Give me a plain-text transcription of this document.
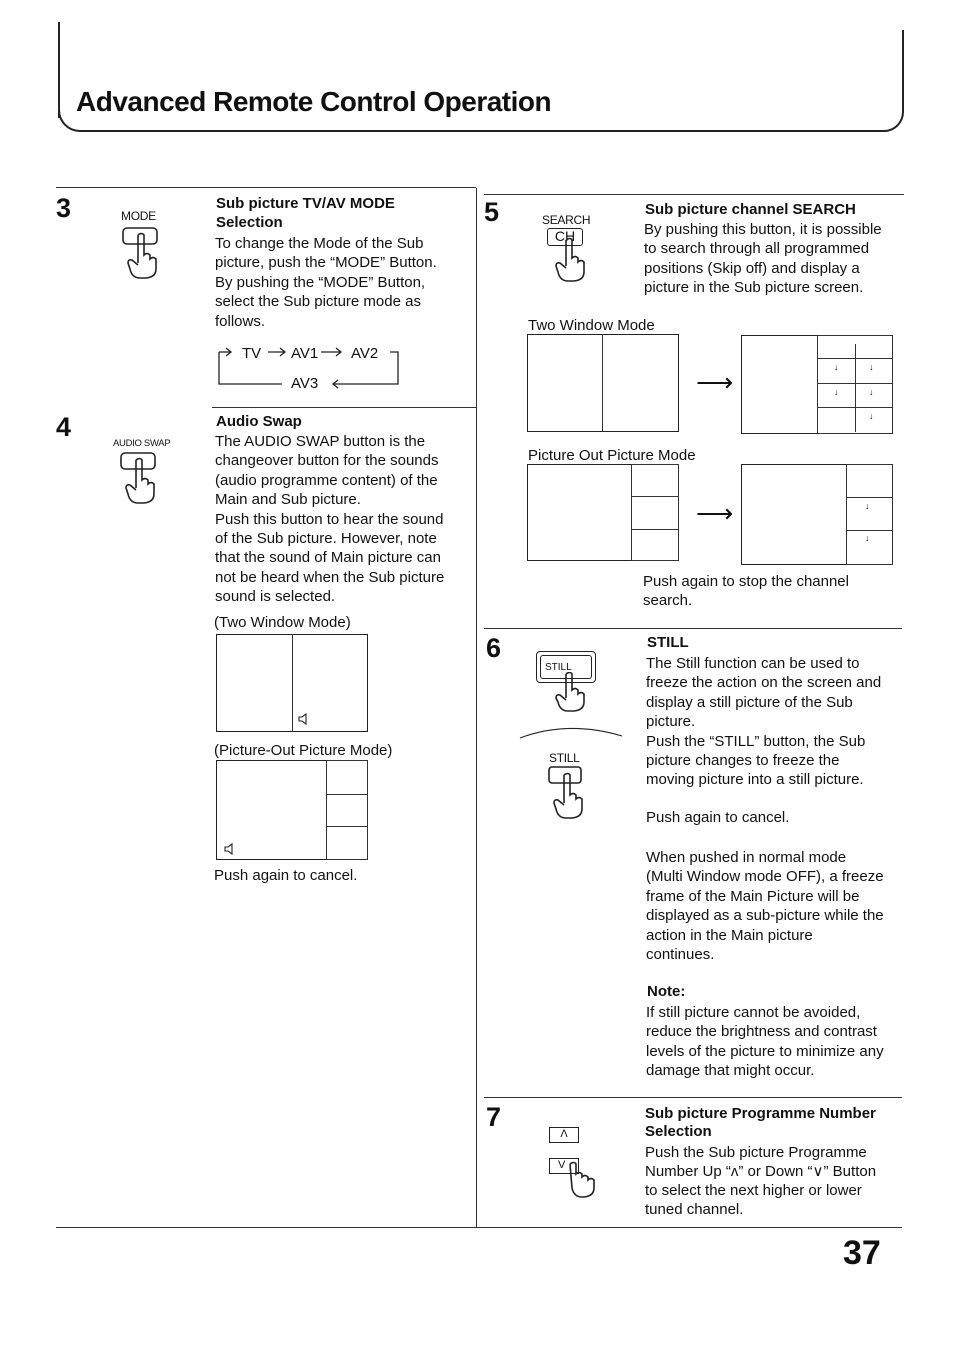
Advanced Remote Control Operation
3	MODE
Sub picture TV/AV MODE
Selection
To change the Mode of the Sub
picture, push the “MODE” Button.
By pushing the “MODE” Button,
select the Sub picture mode as
follows.
TV AV1 AV2
AV3
4
AUDIO SWAP
Audio Swap
The AUDIO SWAP button is the
changeover button for the sounds
(audio programme content) of the
Main and Sub picture.
Push this button to hear the sound
of the Sub picture. However, note
that the sound of Main picture can
not be heard when the Sub picture
sound is selected.
(Two Window Mode)
(Picture-Out Picture Mode)
Push again to cancel.
5	SEARCH
CH
Sub picture channel SEARCH
By pushing this button, it is possible
to search through all programmed
positions (Skip off) and display a
picture in the Sub picture screen.
Two Window Mode
⟶	↓
↓
↓
↓
↓
Picture Out Picture Mode
⟶	↓
↓
Push again to stop the channel
search.
6
STILL
STILL
STILL
The Still function can be used to
freeze the action on the screen and
display a still picture of the Sub
picture.
Push the “STILL” button, the Sub
picture changes to freeze the
moving picture into a still picture.
Push again to cancel.
When pushed in normal mode
(Multi Window mode OFF), a freeze
frame of the Main Picture will be
displayed as a sub-picture while the
action in the Main picture
continues.
Note:
If still picture cannot be avoided,
reduce the brightness and contrast
levels of the picture to minimize any
damage that might occur.
7
Λ
V
Sub picture Programme Number
Selection
Push the Sub picture Programme
Number Up “ʌ” or Down “∨” Button
to select the next higher or lower
tuned channel.
37
